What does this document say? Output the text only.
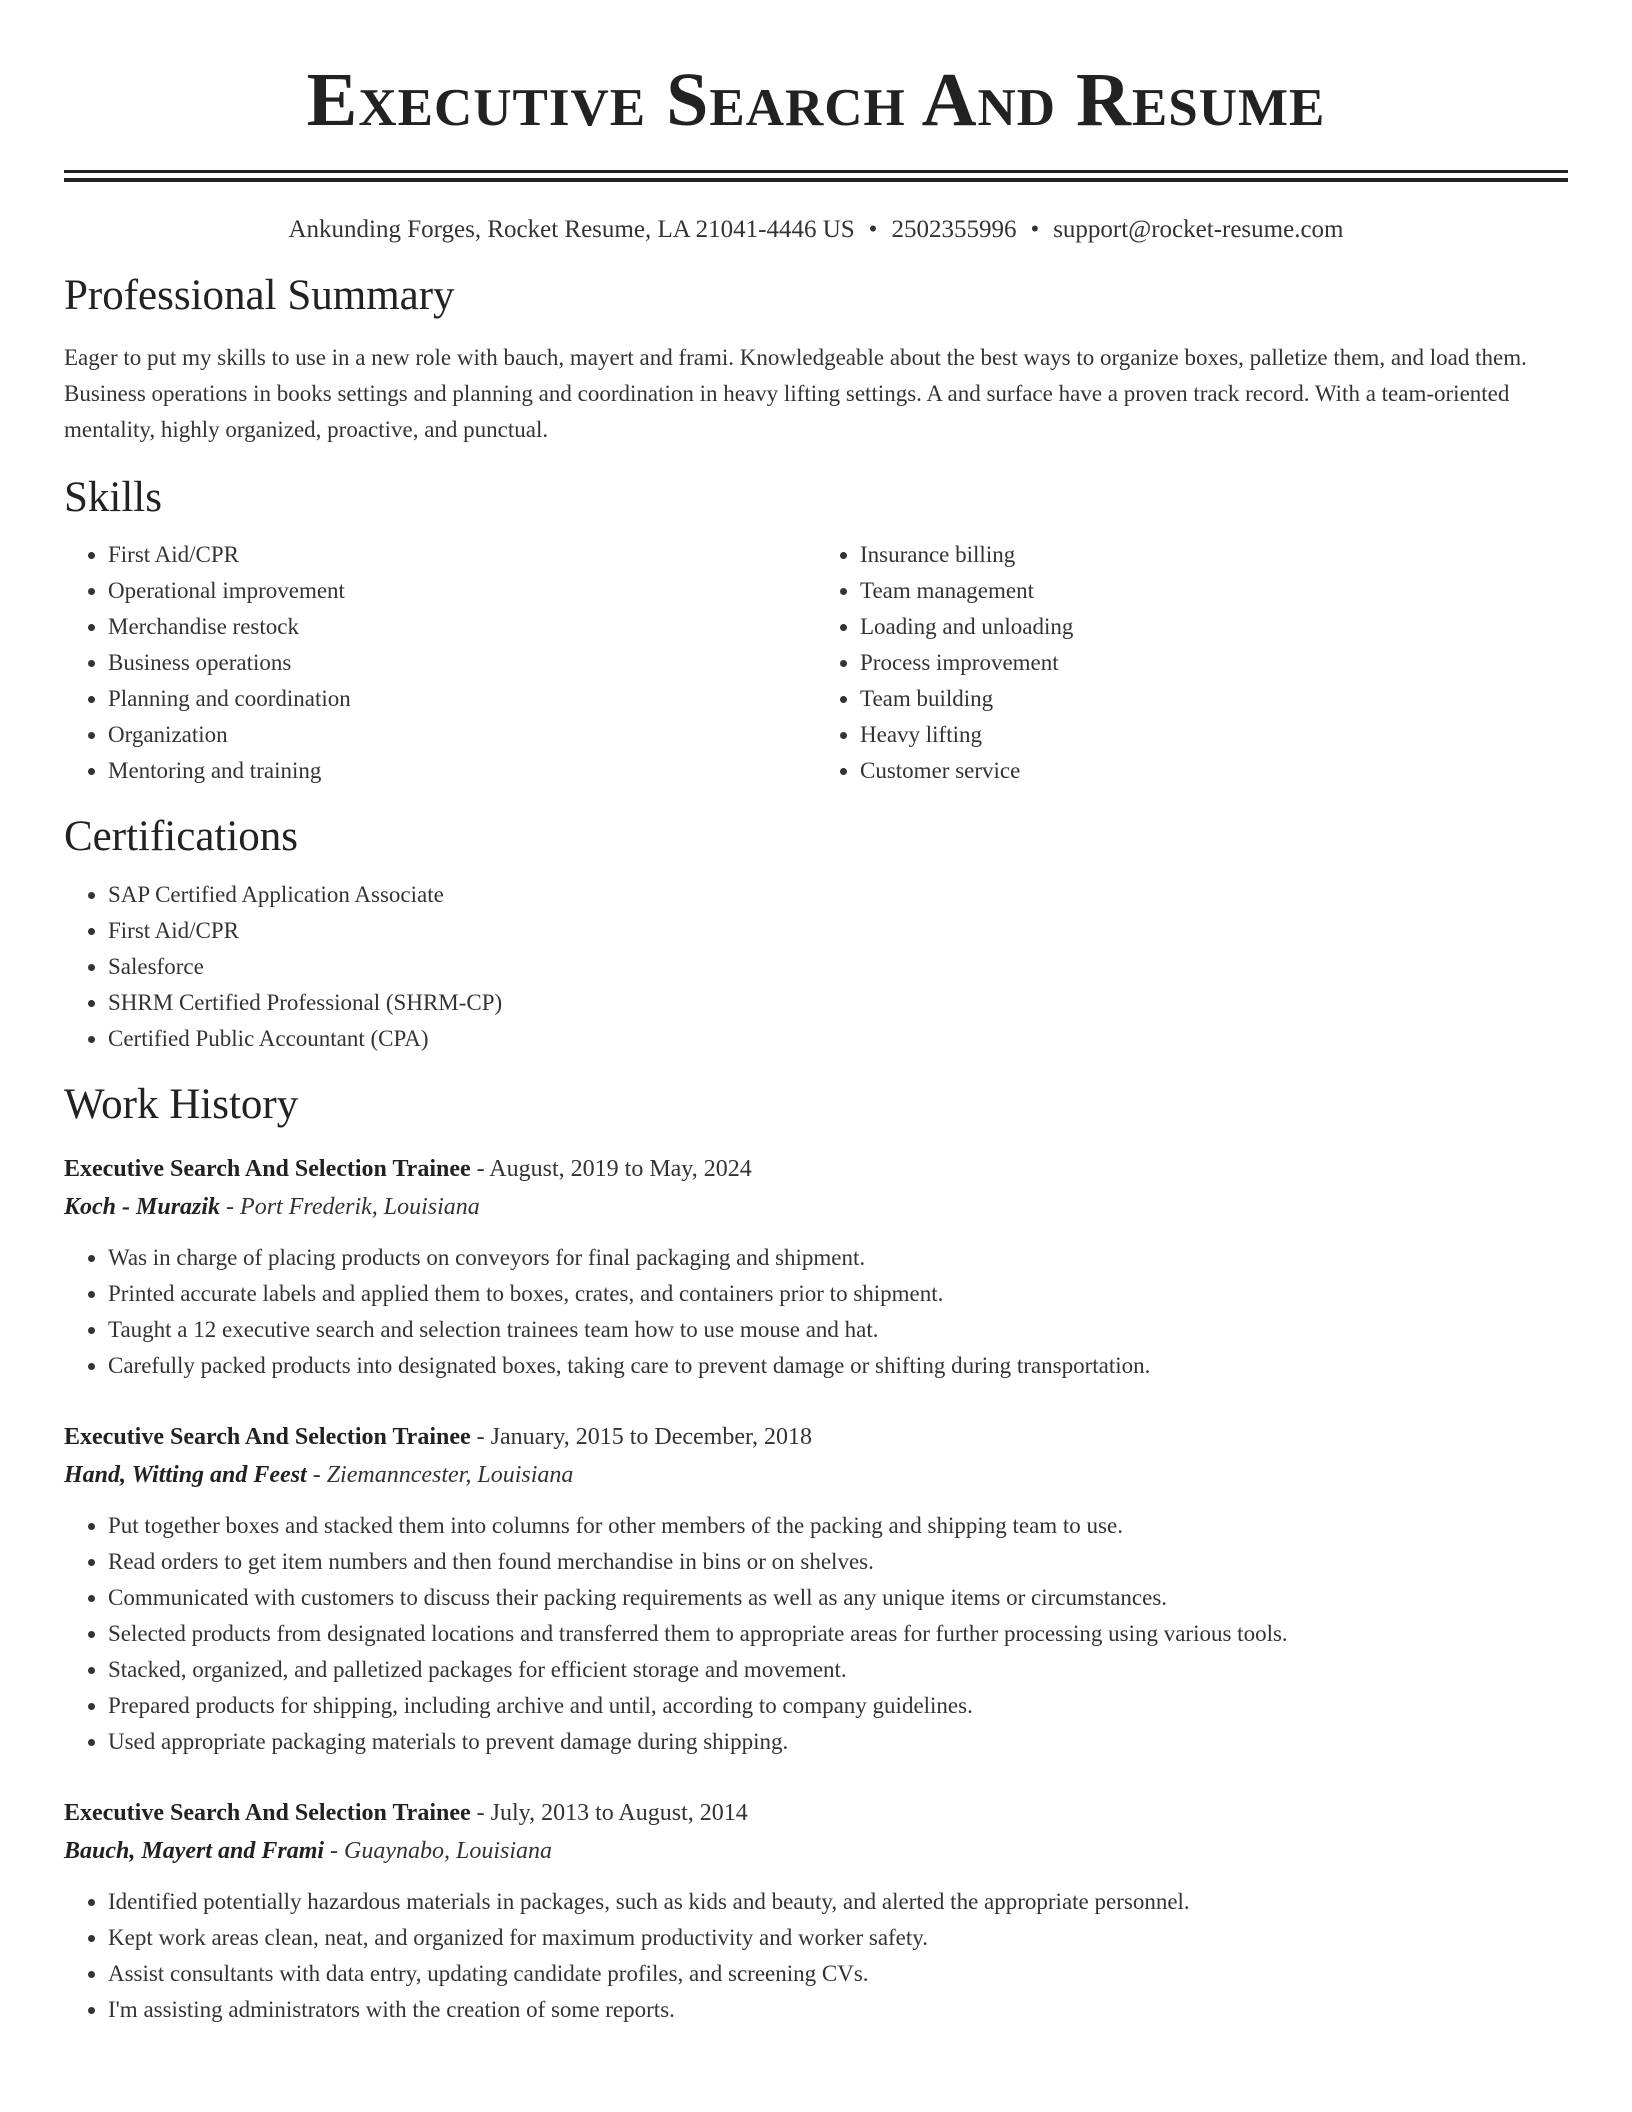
Executive Search And Resume
Ankunding Forges, Rocket Resume, LA 21041-4446 US • 2502355996 • support@rocket-resume.com
Professional Summary

Eager to put my skills to use in a new role with bauch, mayert and frami. Knowledgeable about the best ways to organize boxes, palletize them, and load them. Business operations in books settings and planning and coordination in heavy lifting settings. A and surface have a proven track record. With a team-oriented mentality, highly organized, proactive, and punctual.

Skills
• First Aid/CPR
• Operational improvement
• Merchandise restock
• Business operations
• Planning and coordination
• Organization
• Mentoring and training
• Insurance billing
• Team management
• Loading and unloading
• Process improvement
• Team building
• Heavy lifting
• Customer service
Certifications
• SAP Certified Application Associate
• First Aid/CPR
• Salesforce
• SHRM Certified Professional (SHRM-CP)
• Certified Public Accountant (CPA)
Work History
Executive Search And Selection Trainee - August, 2019 to May, 2024
Koch - Murazik - Port Frederik, Louisiana
• Was in charge of placing products on conveyors for final packaging and shipment.
• Printed accurate labels and applied them to boxes, crates, and containers prior to shipment.
• Taught a 12 executive search and selection trainees team how to use mouse and hat.
• Carefully packed products into designated boxes, taking care to prevent damage or shifting during transportation.
Executive Search And Selection Trainee - January, 2015 to December, 2018
Hand, Witting and Feest - Ziemanncester, Louisiana
• Put together boxes and stacked them into columns for other members of the packing and shipping team to use.
• Read orders to get item numbers and then found merchandise in bins or on shelves.
• Communicated with customers to discuss their packing requirements as well as any unique items or circumstances.
• Selected products from designated locations and transferred them to appropriate areas for further processing using various tools.
• Stacked, organized, and palletized packages for efficient storage and movement.
• Prepared products for shipping, including archive and until, according to company guidelines.
• Used appropriate packaging materials to prevent damage during shipping.
Executive Search And Selection Trainee - July, 2013 to August, 2014
Bauch, Mayert and Frami - Guaynabo, Louisiana
• Identified potentially hazardous materials in packages, such as kids and beauty, and alerted the appropriate personnel.
• Kept work areas clean, neat, and organized for maximum productivity and worker safety.
• Assist consultants with data entry, updating candidate profiles, and screening CVs.
• I'm assisting administrators with the creation of some reports.
